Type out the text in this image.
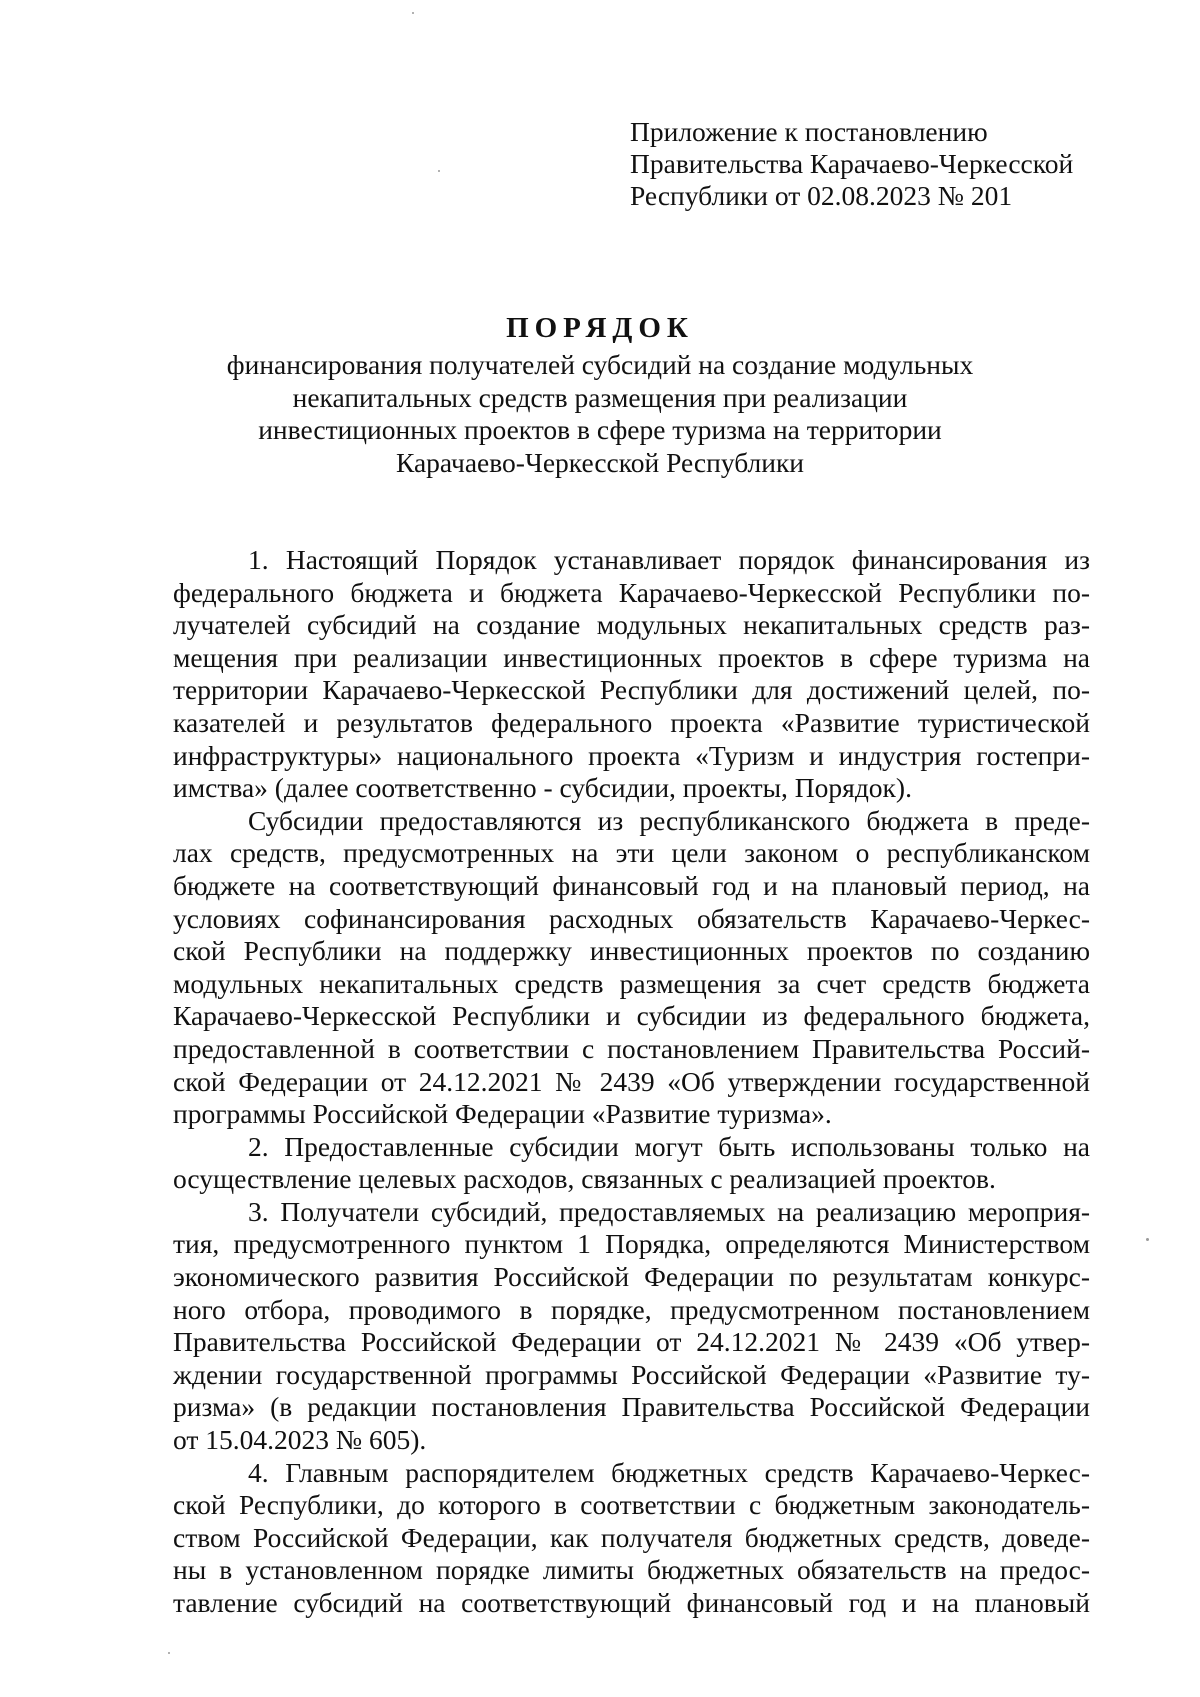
Приложение к постановлению
Правительства Карачаево-Черкесской
Республики от 02.08.2023 № 201
ПОРЯДОК
финансирования получателей субсидий на создание модульных
некапитальных средств размещения при реализации
инвестиционных проектов в сфере туризма на территории
Карачаево-Черкесской Республики
1. Настоящий Порядок устанавливает порядок финансирования из
федерального бюджета и бюджета Карачаево-Черкесской Республики по-
лучателей субсидий на создание модульных некапитальных средств раз-
мещения при реализации инвестиционных проектов в сфере туризма на
территории Карачаево-Черкесской Республики для достижений целей, по-
казателей и результатов федерального проекта «Развитие туристической
инфраструктуры» национального проекта «Туризм и индустрия гостепри-
имства» (далее соответственно - субсидии, проекты, Порядок).
Субсидии предоставляются из республиканского бюджета в преде-
лах средств, предусмотренных на эти цели законом о республиканском
бюджете на соответствующий финансовый год и на плановый период, на
условиях софинансирования расходных обязательств Карачаево-Черкес-
ской Республики на поддержку инвестиционных проектов по созданию
модульных некапитальных средств размещения за счет средств бюджета
Карачаево-Черкесской Республики и субсидии из федерального бюджета,
предоставленной в соответствии с постановлением Правительства Россий-
ской Федерации от 24.12.2021 № 2439 «Об утверждении государственной
программы Российской Федерации «Развитие туризма».
2. Предоставленные субсидии могут быть использованы только на
осуществление целевых расходов, связанных с реализацией проектов.
3. Получатели субсидий, предоставляемых на реализацию мероприя-
тия, предусмотренного пунктом 1 Порядка, определяются Министерством
экономического развития Российской Федерации по результатам конкурс-
ного отбора, проводимого в порядке, предусмотренном постановлением
Правительства Российской Федерации от 24.12.2021 № 2439 «Об утвер-
ждении государственной программы Российской Федерации «Развитие ту-
ризма» (в редакции постановления Правительства Российской Федерации
от 15.04.2023 № 605).
4. Главным распорядителем бюджетных средств Карачаево-Черкес-
ской Республики, до которого в соответствии с бюджетным законодатель-
ством Российской Федерации, как получателя бюджетных средств, доведе-
ны в установленном порядке лимиты бюджетных обязательств на предос-
тавление субсидий на соответствующий финансовый год и на плановый
